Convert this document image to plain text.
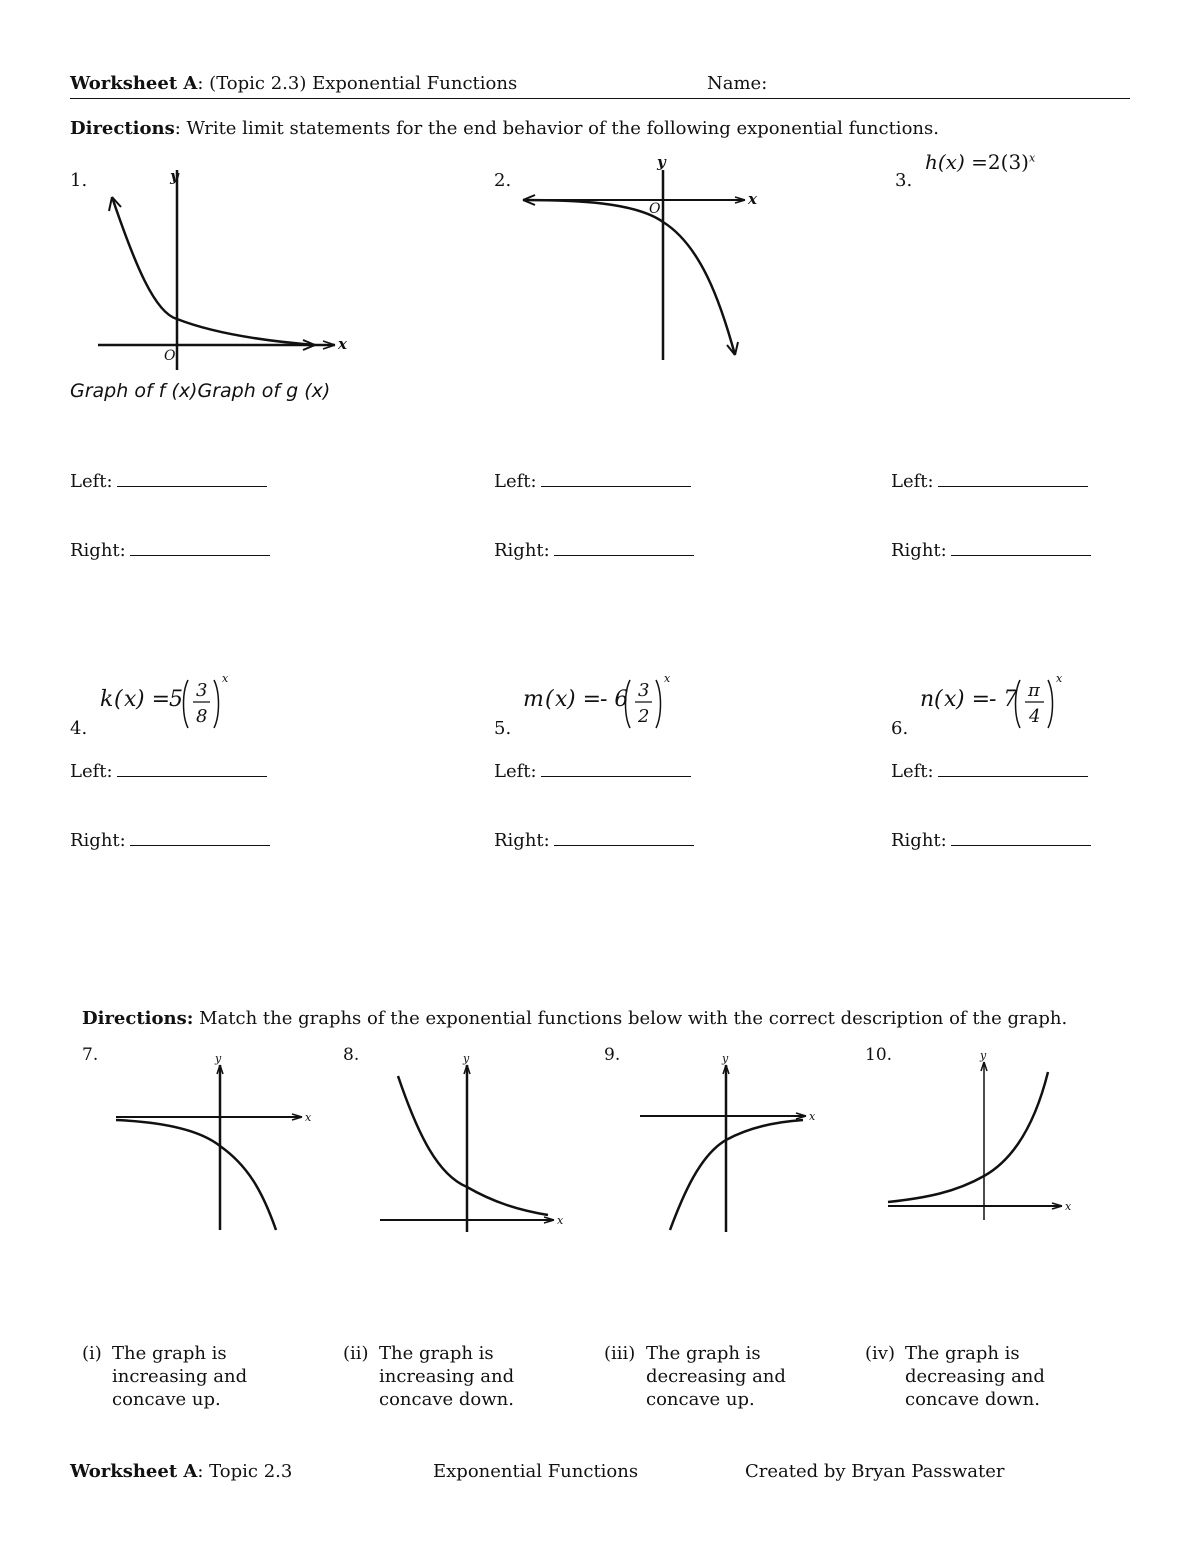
Worksheet A: (Topic 2.3) Exponential Functions	Name:
Directions: Write limit statements for the end behavior of the following exponential functions.
1.	2.	3.
y
x
O
y
x
O
$h(x) =2(3)^x$
Graph of f (x)Graph of g (x)
Left:
Right:
Left:
Right:
Left:
Right:
k ( x ) =
5 3
8
x
4.
m ( x ) =
- 6 3
2
x
5.
n ( x ) =
- 7 π
4
x
6.
Left:
Right:
Left:
Right:
Left:
Right:
Directions: Match the graphs of the exponential functions below with the correct description of the graph.
7.	8.	9.	10.
y
x
y
x
y
x
y
x
(i) The graph is increasing and concave up.
(ii) The graph is increasing and concave down.
(iii) The graph is decreasing and concave up.
(iv) The graph is decreasing and concave down.
Worksheet A: Topic 2.3	Exponential Functions	Created by Bryan Passwater
